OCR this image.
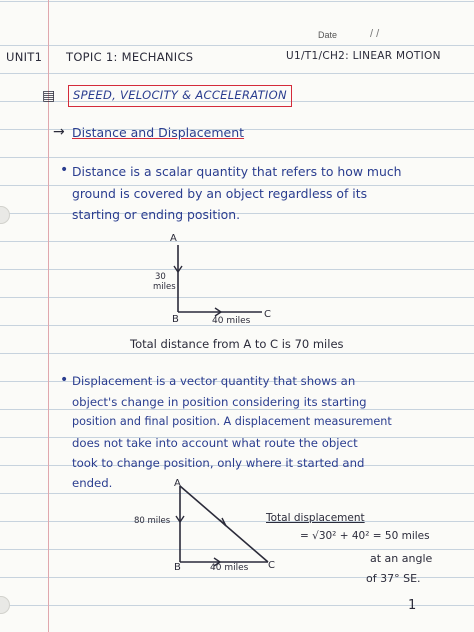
Date	/ /
UNIT1 TOPIC 1: MECHANICS	U1/T1/CH2: LINEAR MOTION
▤ SPEED, VELOCITY & ACCELERATION
→ Distance and Displacement
• Distance is a scalar quantity that refers to how much
ground is covered by an object regardless of its
starting or ending position.
A
30
miles
B	40 miles
C
Total distance from A to C is 70 miles
• Displacement is a vector quantity that shows an
object's change in position considering its starting
position and final position. A displacement measurement
does not take into account what route the object
took to change position, only where it started and
ended.	A
80 miles
B	40 miles C
Total displacement
= √30² + 40² = 50 miles
at an angle
of 37° SE.
1
